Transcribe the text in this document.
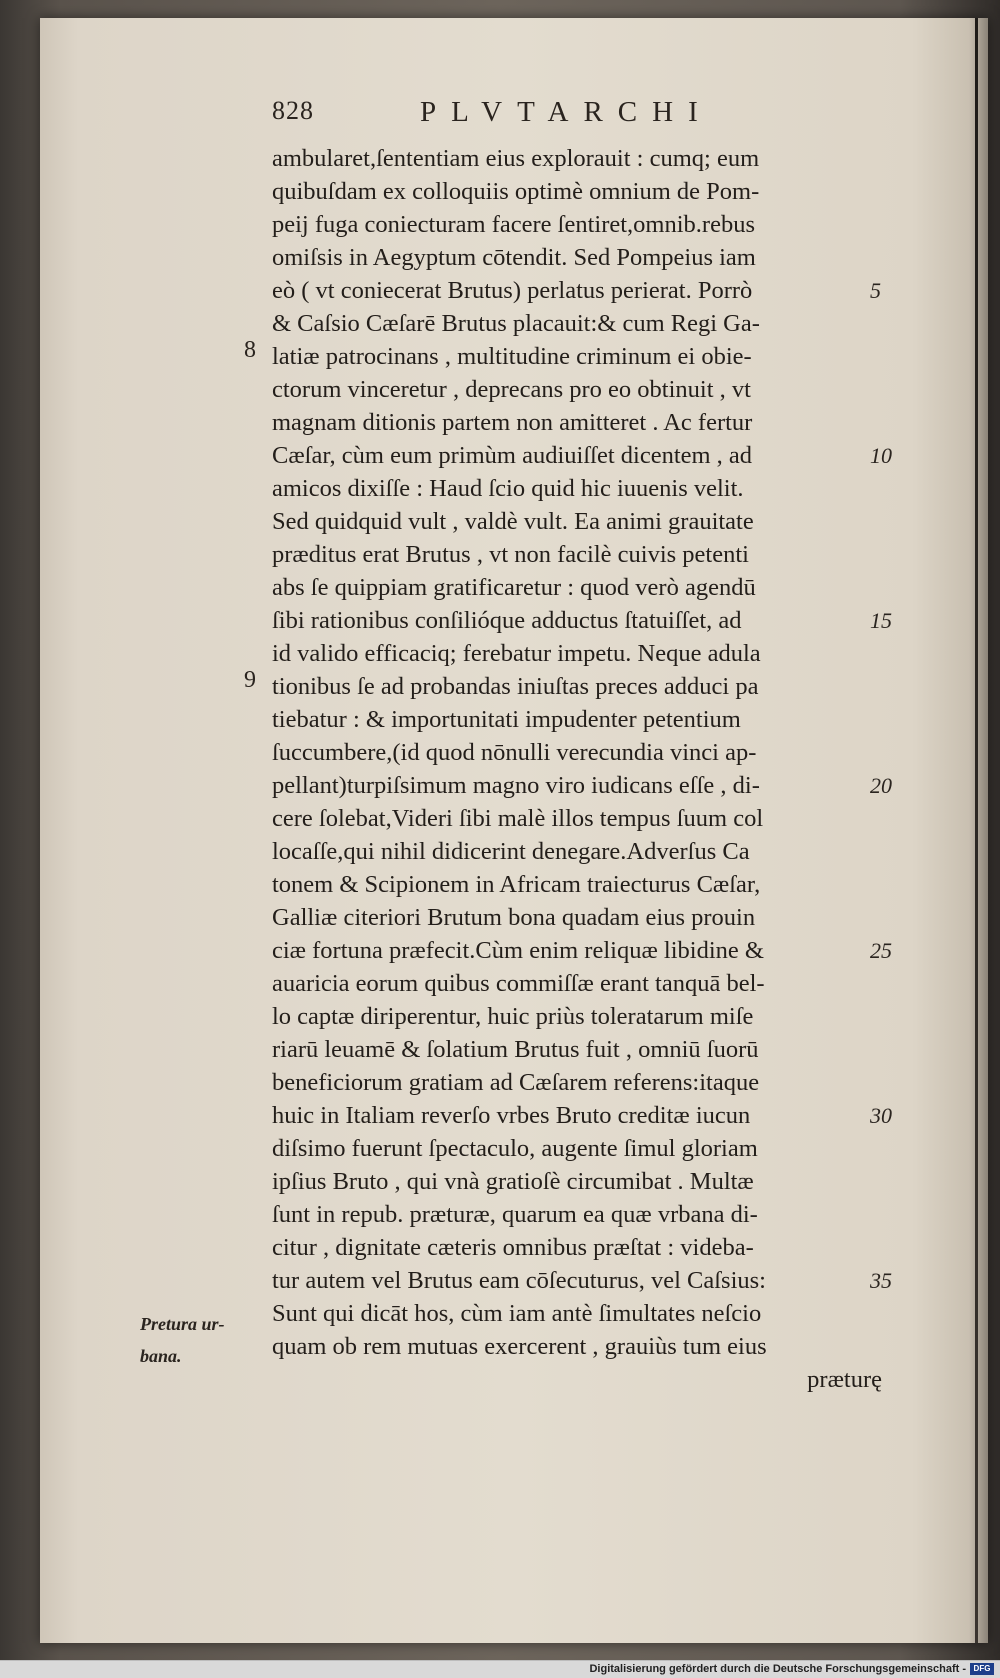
828	PLVTARCHI
ambularet,ſententiam eius explorauit : cumq; eum
quibuſdam ex colloquiis optimè omnium de Pom-
peij fuga coniecturam facere ſentiret,omnib.rebus
omiſsis in Aegyptum cōtendit. Sed Pompeius iam
eò ( vt coniecerat Brutus) perlatus perierat. Porrò
& Caſsio Cæſarē Brutus placauit:& cum Regi Ga-
latiæ patrocinans , multitudine criminum ei obie-
ctorum vinceretur , deprecans pro eo obtinuit , vt
magnam ditionis partem non amitteret . Ac fertur
Cæſar, cùm eum primùm audiuiſſet dicentem , ad
amicos dixiſſe : Haud ſcio quid hic iuuenis velit.
Sed quidquid vult , valdè vult. Ea animi grauitate
præditus erat Brutus , vt non facilè cuivis petenti
abs ſe quippiam gratificaretur : quod verò agendū
ſibi rationibus conſilióque adductus ſtatuiſſet, ad
id valido efficaciq; ferebatur impetu. Neque adula
tionibus ſe ad probandas iniuſtas preces adduci pa
tiebatur : & importunitati impudenter petentium
ſuccumbere,(id quod nōnulli verecundia vinci ap-
pellant)turpiſsimum magno viro iudicans eſſe , di-
cere ſolebat,Videri ſibi malè illos tempus ſuum col
locaſſe,qui nihil didicerint denegare.Adverſus Ca
tonem & Scipionem in Africam traiecturus Cæſar,
Galliæ citeriori Brutum bona quadam eius prouin
ciæ fortuna præfecit.Cùm enim reliquæ libidine &
auaricia eorum quibus commiſſæ erant tanquā bel-
lo captæ diriperentur, huic priùs toleratarum miſe
riarū leuamē & ſolatium Brutus fuit , omniū ſuorū
beneficiorum gratiam ad Cæſarem referens:itaque
huic in Italiam reverſo vrbes Bruto creditæ iucun
diſsimo fuerunt ſpectaculo, augente ſimul gloriam
ipſius Bruto , qui vnà gratioſè circumibat . Multæ
ſunt in repub. præturæ, quarum ea quæ vrbana di-
citur , dignitate cæteris omnibus præſtat : videba-
tur autem vel Brutus eam cōſecuturus, vel Caſsius:
Sunt qui dicāt hos, cùm iam antè ſimultates neſcio
quam ob rem mutuas exercerent , grauiùs tum eius
præturę
5
10
15
20
25
30
35
8
9
Pretura ur-
bana.
Digitalisierung gefördert durch die Deutsche Forschungsgemeinschaft - DFG
